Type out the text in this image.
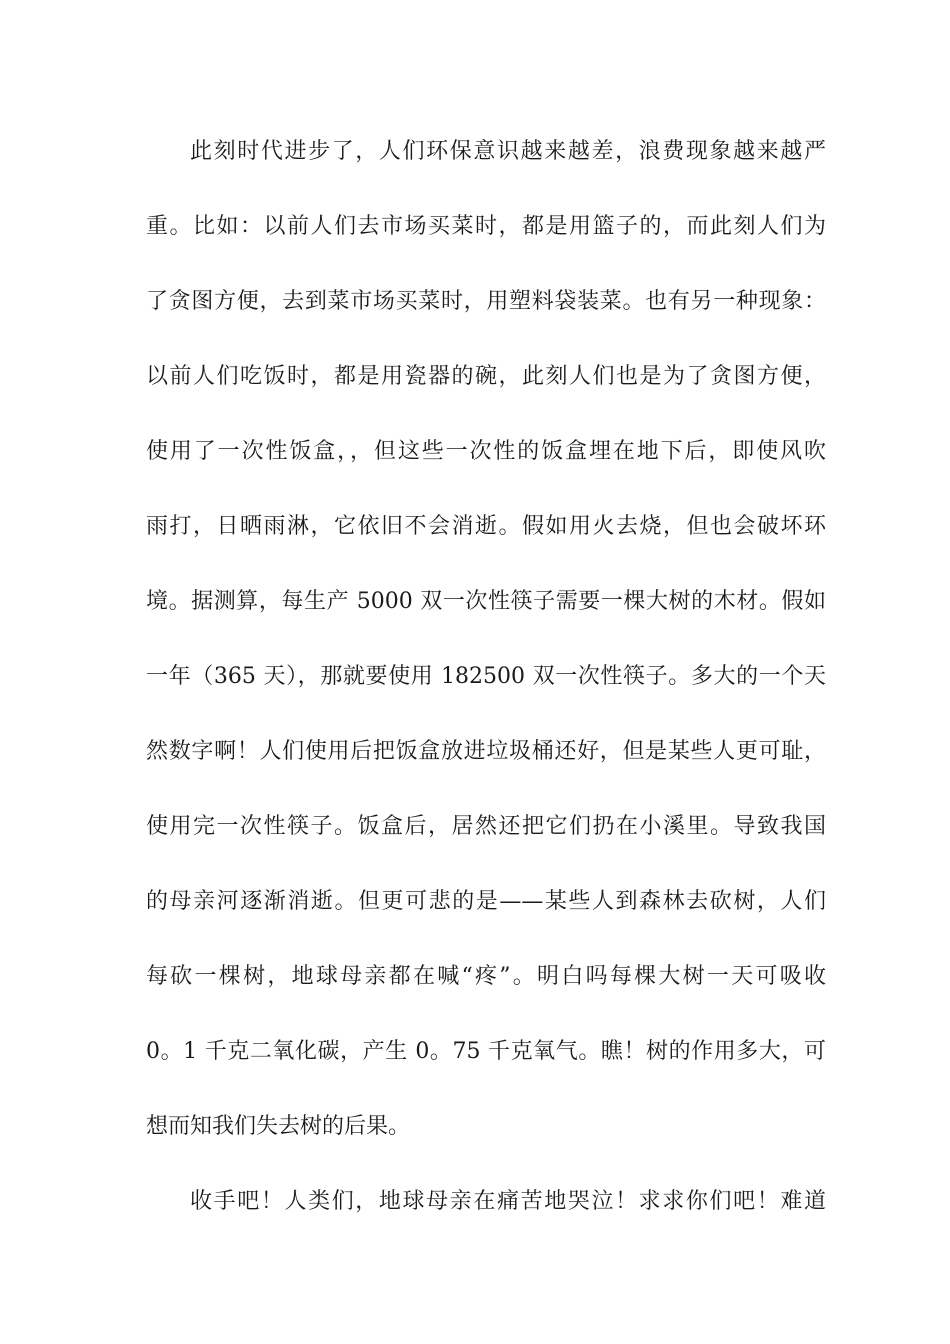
此刻时代进步了，人们环保意识越来越差，浪费现象越来越严

重。比如：以前人们去市场买菜时，都是用篮子的，而此刻人们为

了贪图方便，去到菜市场买菜时，用塑料袋装菜。也有另一种现象：

以前人们吃饭时，都是用瓷器的碗，此刻人们也是为了贪图方便，

使用了一次性饭盒，，但这些一次性的饭盒埋在地下后，即使风吹

雨打，日晒雨淋，它依旧不会消逝。假如用火去烧，但也会破坏环

境。据测算，每生产 5000 双一次性筷子需要一棵大树的木材。假如

一年（365 天），那就要使用 182500 双一次性筷子。多大的一个天

然数字啊！人们使用后把饭盒放进垃圾桶还好，但是某些人更可耻，

使用完一次性筷子。饭盒后，居然还把它们扔在小溪里。导致我国

的母亲河逐渐消逝。但更可悲的是——某些人到森林去砍树，人们

每砍一棵树，地球母亲都在喊“疼”。明白吗每棵大树一天可吸收

0。1 千克二氧化碳，产生 0。75 千克氧气。瞧！树的作用多大，可

想而知我们失去树的后果。

收手吧！人类们，地球母亲在痛苦地哭泣！求求你们吧！难道
